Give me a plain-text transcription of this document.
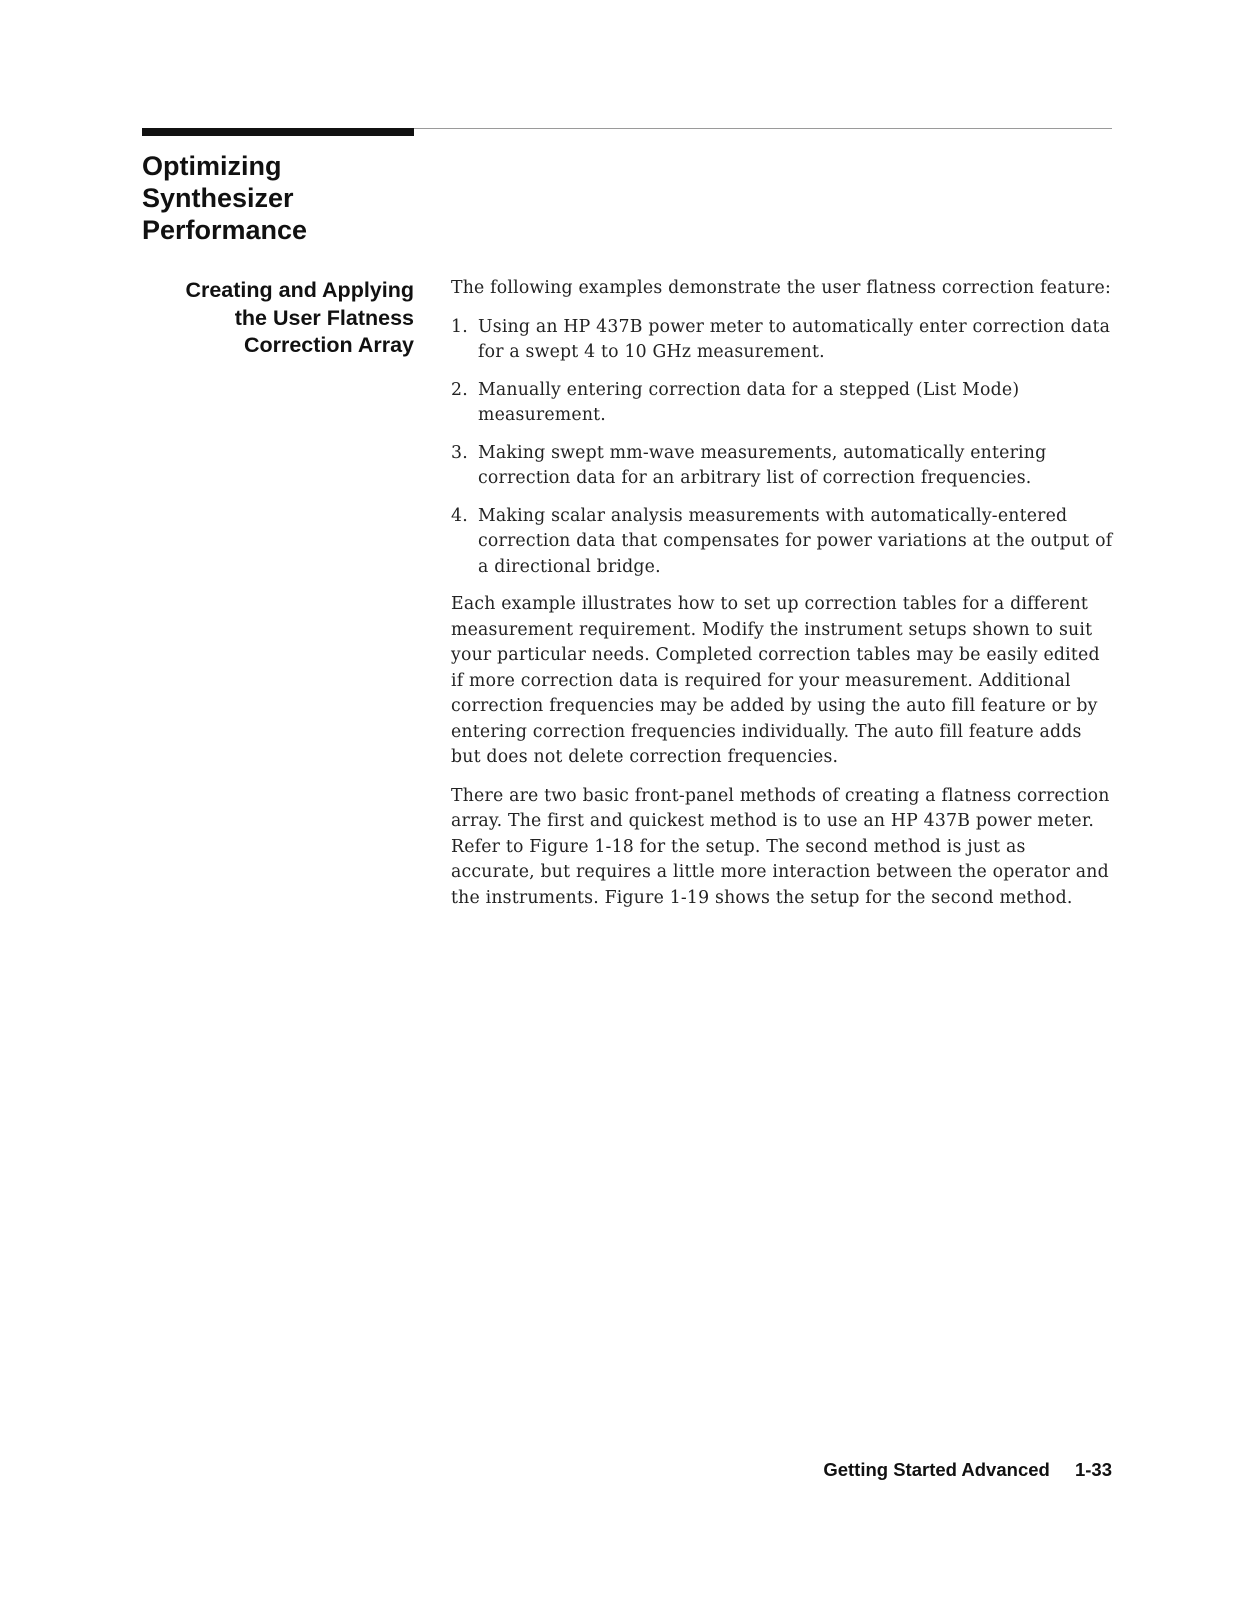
Optimizing
Synthesizer
Performance
Creating and Applying
the User Flatness
Correction Array

The following examples demonstrate the user flatness correction feature:

1. Using an HP 437B power meter to automatically enter correction data for a swept 4 to 10 GHz measurement.
2. Manually entering correction data for a stepped (List Mode) measurement.
3. Making swept mm-wave measurements, automatically entering correction data for an arbitrary list of correction frequencies.
4. Making scalar analysis measurements with automatically-entered correction data that compensates for power variations at the output of a directional bridge.

Each example illustrates how to set up correction tables for a different measurement requirement. Modify the instrument setups shown to suit your particular needs. Completed correction tables may be easily edited if more correction data is required for your measurement. Additional correction frequencies may be added by using the auto fill feature or by entering correction frequencies individually. The auto fill feature adds but does not delete correction frequencies.

There are two basic front-panel methods of creating a flatness correction array. The first and quickest method is to use an HP 437B power meter. Refer to Figure 1-18 for the setup. The second method is just as accurate, but requires a little more interaction between the operator and the instruments. Figure 1-19 shows the setup for the second method.

Getting Started Advanced 1-33
